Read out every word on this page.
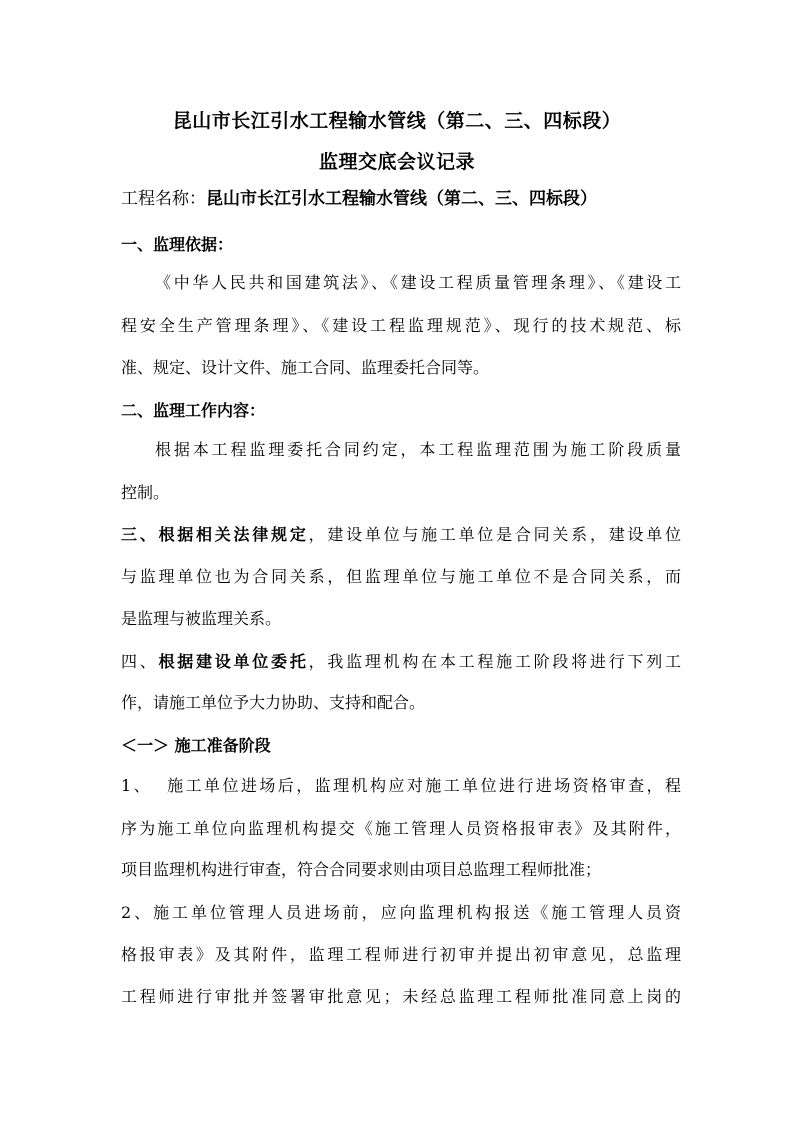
昆山市长江引水工程输水管线（第二、三、四标段）
监理交底会议记录
工程名称：昆山市长江引水工程输水管线（第二、三、四标段）
一、监理依据：
《中华人民共和国建筑法》、《建设工程质量管理条理》、《建设工
程安全生产管理条理》、《建设工程监理规范》、现行的技术规范、标
准、规定、设计文件、施工合同、监理委托合同等。
二、监理工作内容：
根据本工程监理委托合同约定，本工程监理范围为施工阶段质量
控制。
三、根据相关法律规定，建设单位与施工单位是合同关系，建设单位
与监理单位也为合同关系，但监理单位与施工单位不是合同关系，而
是监理与被监理关系。
四、根据建设单位委托，我监理机构在本工程施工阶段将进行下列工
作，请施工单位予大力协助、支持和配合。
＜一＞ 施工准备阶段
1、 施工单位进场后，监理机构应对施工单位进行进场资格审查，程
序为施工单位向监理机构提交《施工管理人员资格报审表》及其附件，
项目监理机构进行审查，符合合同要求则由项目总监理工程师批准；
2、施工单位管理人员进场前，应向监理机构报送《施工管理人员资
格报审表》及其附件，监理工程师进行初审并提出初审意见，总监理
工程师进行审批并签署审批意见；未经总监理工程师批准同意上岗的
